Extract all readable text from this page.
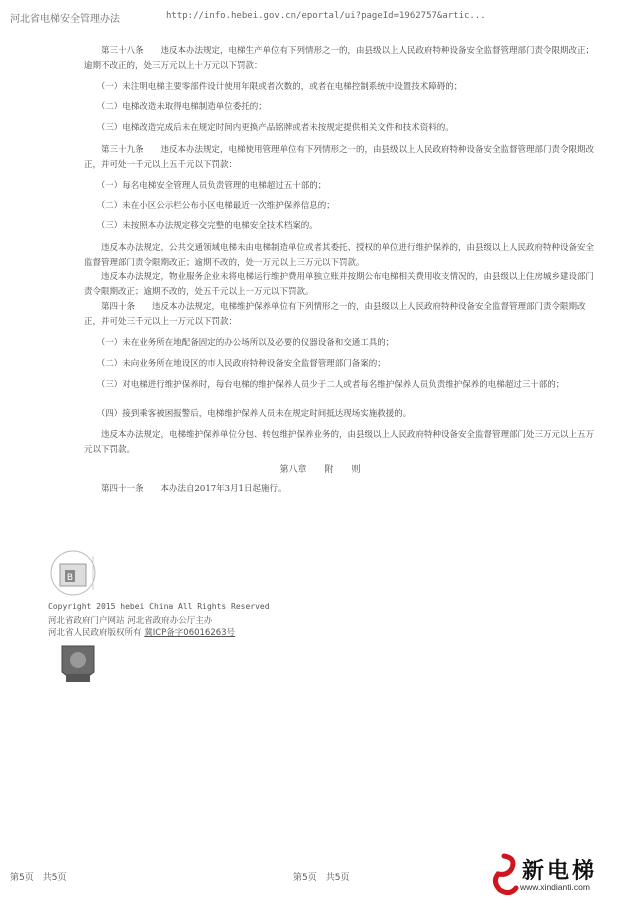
河北省电梯安全管理办法	http://info.hebei.gov.cn/eportal/ui?pageId=1962757&artic...
　　第三十八条　　违反本办法规定，电梯生产单位有下列情形之一的，由县级以上人民政府特种设备安全监督管理部门责令限期改正；逾期不改正的，处三万元以上十万元以下罚款：
　　（一）未注明电梯主要零部件设计使用年限或者次数的，或者在电梯控制系统中设置技术障碍的；
　　（二）电梯改造未取得电梯制造单位委托的；
　　（三）电梯改造完成后未在规定时间内更换产品铭牌或者未按规定提供相关文件和技术资料的。
　　第三十九条　　违反本办法规定，电梯使用管理单位有下列情形之一的，由县级以上人民政府特种设备安全监督管理部门责令限期改正，并可处一千元以上五千元以下罚款：
　　（一）每名电梯安全管理人员负责管理的电梯超过五十部的；
　　（二）未在小区公示栏公布小区电梯最近一次维护保养信息的；
　　（三）未按照本办法规定移交完整的电梯安全技术档案的。
　　违反本办法规定，公共交通领域电梯未由电梯制造单位或者其委托、授权的单位进行维护保养的，由县级以上人民政府特种设备安全监督管理部门责令限期改正；逾期不改的，处一万元以上三万元以下罚款。
　　违反本办法规定，物业服务企业未将电梯运行维护费用单独立账并按期公布电梯相关费用收支情况的，由县级以上住房城乡建设部门责令限期改正；逾期不改的，处五千元以上一万元以下罚款。
　　第四十条　　违反本办法规定，电梯维护保养单位有下列情形之一的，由县级以上人民政府特种设备安全监督管理部门责令限期改正，并可处三千元以上一万元以下罚款：
　　（一）未在业务所在地配备固定的办公场所以及必要的仪器设备和交通工具的；
　　（二）未向业务所在地设区的市人民政府特种设备安全监督管理部门备案的；
　　（三）对电梯进行维护保养时，每台电梯的维护保养人员少于二人或者每名维护保养人员负责维护保养的电梯超过三十部的；
　　（四）接到乘客被困报警后，电梯维护保养人员未在规定时间抵达现场实施救援的。
　　违反本办法规定，电梯维护保养单位分包、转包维护保养业务的，由县级以上人民政府特种设备安全监督管理部门处三万元以上五万元以下罚款。
第八章　　附　　则
　　第四十一条　　本办法自2017年3月1日起施行。
B
Copyright 2015 hebei China All Rights Reserved
河北省政府门户网站 河北省政府办公厅主办
河北省人民政府版权所有 冀ICP备字06016263号
第5页　共5页	第5页　共5页	新电梯
www.xindianti.com
